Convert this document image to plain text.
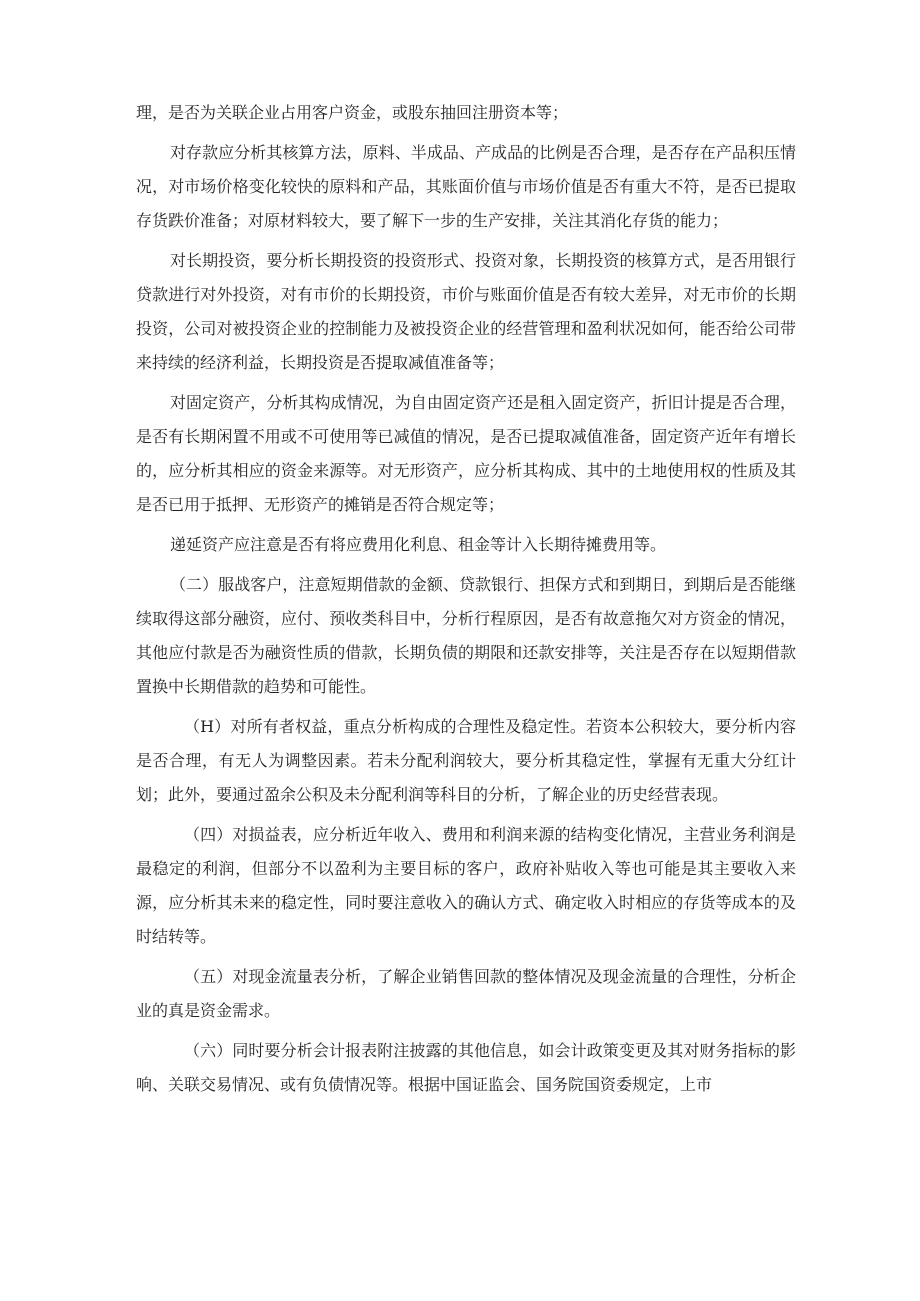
理，是否为关联企业占用客户资金，或股东抽回注册资本等；

对存款应分析其核算方法，原料、半成品、产成品的比例是否合理，是否存在产品积压情况，对市场价格变化较快的原料和产品，其账面价值与市场价值是否有重大不符，是否已提取存货跌价准备；对原材料较大，要了解下一步的生产安排，关注其消化存货的能力；

对长期投资，要分析长期投资的投资形式、投资对象，长期投资的核算方式，是否用银行贷款进行对外投资，对有市价的长期投资，市价与账面价值是否有较大差异，对无市价的长期投资，公司对被投资企业的控制能力及被投资企业的经营管理和盈利状况如何，能否给公司带来持续的经济利益，长期投资是否提取减值准备等；

对固定资产，分析其构成情况，为自由固定资产还是租入固定资产，折旧计提是否合理，是否有长期闲置不用或不可使用等已减值的情况，是否已提取减值准备，固定资产近年有增长的，应分析其相应的资金来源等。对无形资产，应分析其构成、其中的土地使用权的性质及其是否已用于抵押、无形资产的摊销是否符合规定等；

递延资产应注意是否有将应费用化利息、租金等计入长期待摊费用等。

（二）服战客户，注意短期借款的金额、贷款银行、担保方式和到期日，到期后是否能继续取得这部分融资，应付、预收类科目中，分析行程原因，是否有故意拖欠对方资金的情况，其他应付款是否为融资性质的借款，长期负债的期限和还款安排等，关注是否存在以短期借款置换中长期借款的趋势和可能性。

（H）对所有者权益，重点分析构成的合理性及稳定性。若资本公积较大，要分析内容是否合理，有无人为调整因素。若未分配利润较大，要分析其稳定性，掌握有无重大分红计划；此外，要通过盈余公积及未分配利润等科目的分析，了解企业的历史经营表现。

（四）对损益表，应分析近年收入、费用和利润来源的结构变化情况，主营业务利润是最稳定的利润，但部分不以盈利为主要目标的客户，政府补贴收入等也可能是其主要收入来源，应分析其未来的稳定性，同时要注意收入的确认方式、确定收入时相应的存货等成本的及时结转等。

（五）对现金流量表分析，了解企业销售回款的整体情况及现金流量的合理性，分析企业的真是资金需求。

（六）同时要分析会计报表附注披露的其他信息，如会计政策变更及其对财务指标的影响、关联交易情况、或有负债情况等。根据中国证监会、国务院国资委规定，上市
